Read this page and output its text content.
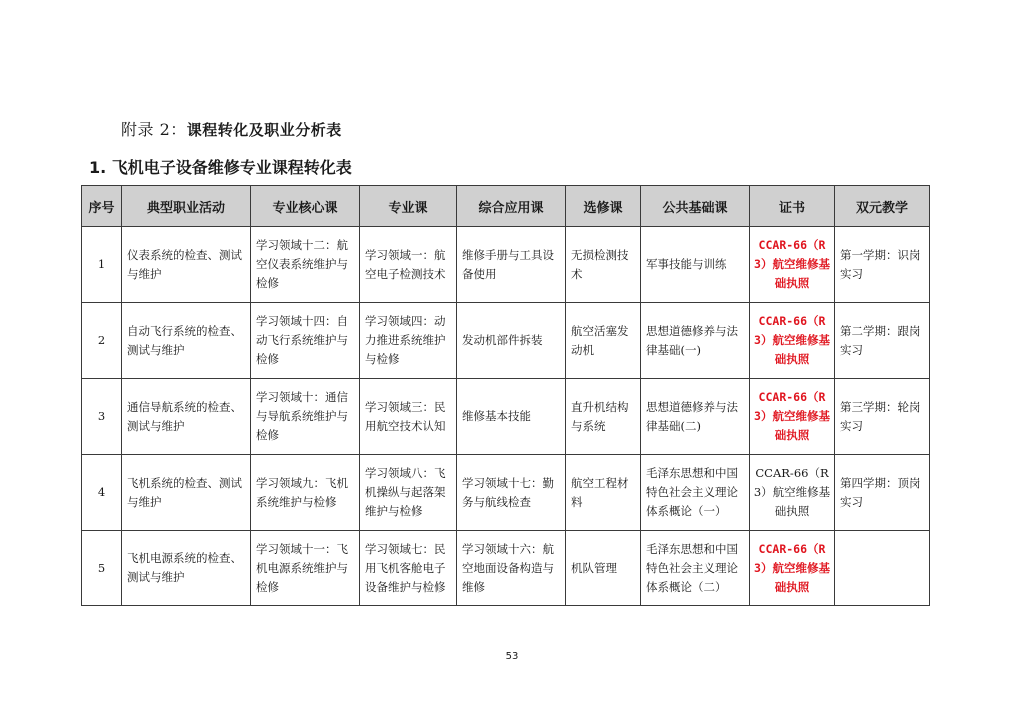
附录 2：课程转化及职业分析表
1. 飞机电子设备维修专业课程转化表
序号	典型职业活动	专业核心课	专业课	综合应用课	选修课	公共基础课	证书	双元教学
1	仪表系统的检查、测试与维护	学习领域十二：航空仪表系统维护与检修	学习领域一：航空电子检测技术	维修手册与工具设备使用	无损检测技术	军事技能与训练	CCAR-66（R3）航空维修基础执照	第一学期：识岗实习
2	自动飞行系统的检查、测试与维护	学习领域十四：自动飞行系统维护与检修	学习领域四：动力推进系统维护与检修	发动机部件拆装	航空活塞发动机	思想道德修养与法律基础(一)	CCAR-66（R3）航空维修基础执照	第二学期：跟岗实习
3	通信导航系统的检查、测试与维护	学习领域十：通信与导航系统维护与检修	学习领域三：民用航空技术认知	维修基本技能	直升机结构与系统	思想道德修养与法律基础(二)	CCAR-66（R3）航空维修基础执照	第三学期：轮岗实习
4	飞机系统的检查、测试与维护	学习领域九：飞机系统维护与检修	学习领域八：飞机操纵与起落架维护与检修	学习领域十七：勤务与航线检查	航空工程材料	毛泽东思想和中国特色社会主义理论体系概论（一）	CCAR-66（R3）航空维修基础执照	第四学期：顶岗实习
5	飞机电源系统的检查、测试与维护	学习领域十一：飞机电源系统维护与检修	学习领域七：民用飞机客舱电子设备维护与检修	学习领域十六：航空地面设备构造与维修	机队管理	毛泽东思想和中国特色社会主义理论体系概论（二）	CCAR-66（R3）航空维修基础执照	
53
